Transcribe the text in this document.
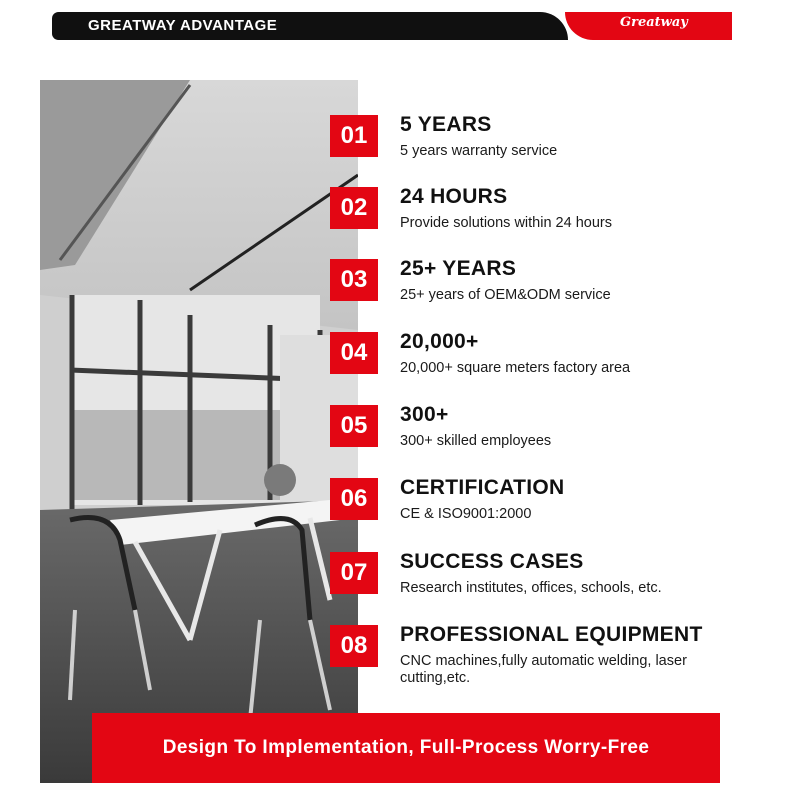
GREATWAY ADVANTAGE	Greatway
01	5 YEARS
5 years warranty service
02	24 HOURS
Provide solutions within 24 hours
03	25+ YEARS
25+ years of OEM&ODM service
04	20,000+
20,000+ square meters factory area
05	300+
300+ skilled employees
06	CERTIFICATION
CE & ISO9001:2000
07	SUCCESS CASES
Research institutes, offices, schools, etc.
08	PROFESSIONAL EQUIPMENT
CNC machines,fully automatic welding, laser cutting,etc.
Design To Implementation, Full-Process Worry-Free
